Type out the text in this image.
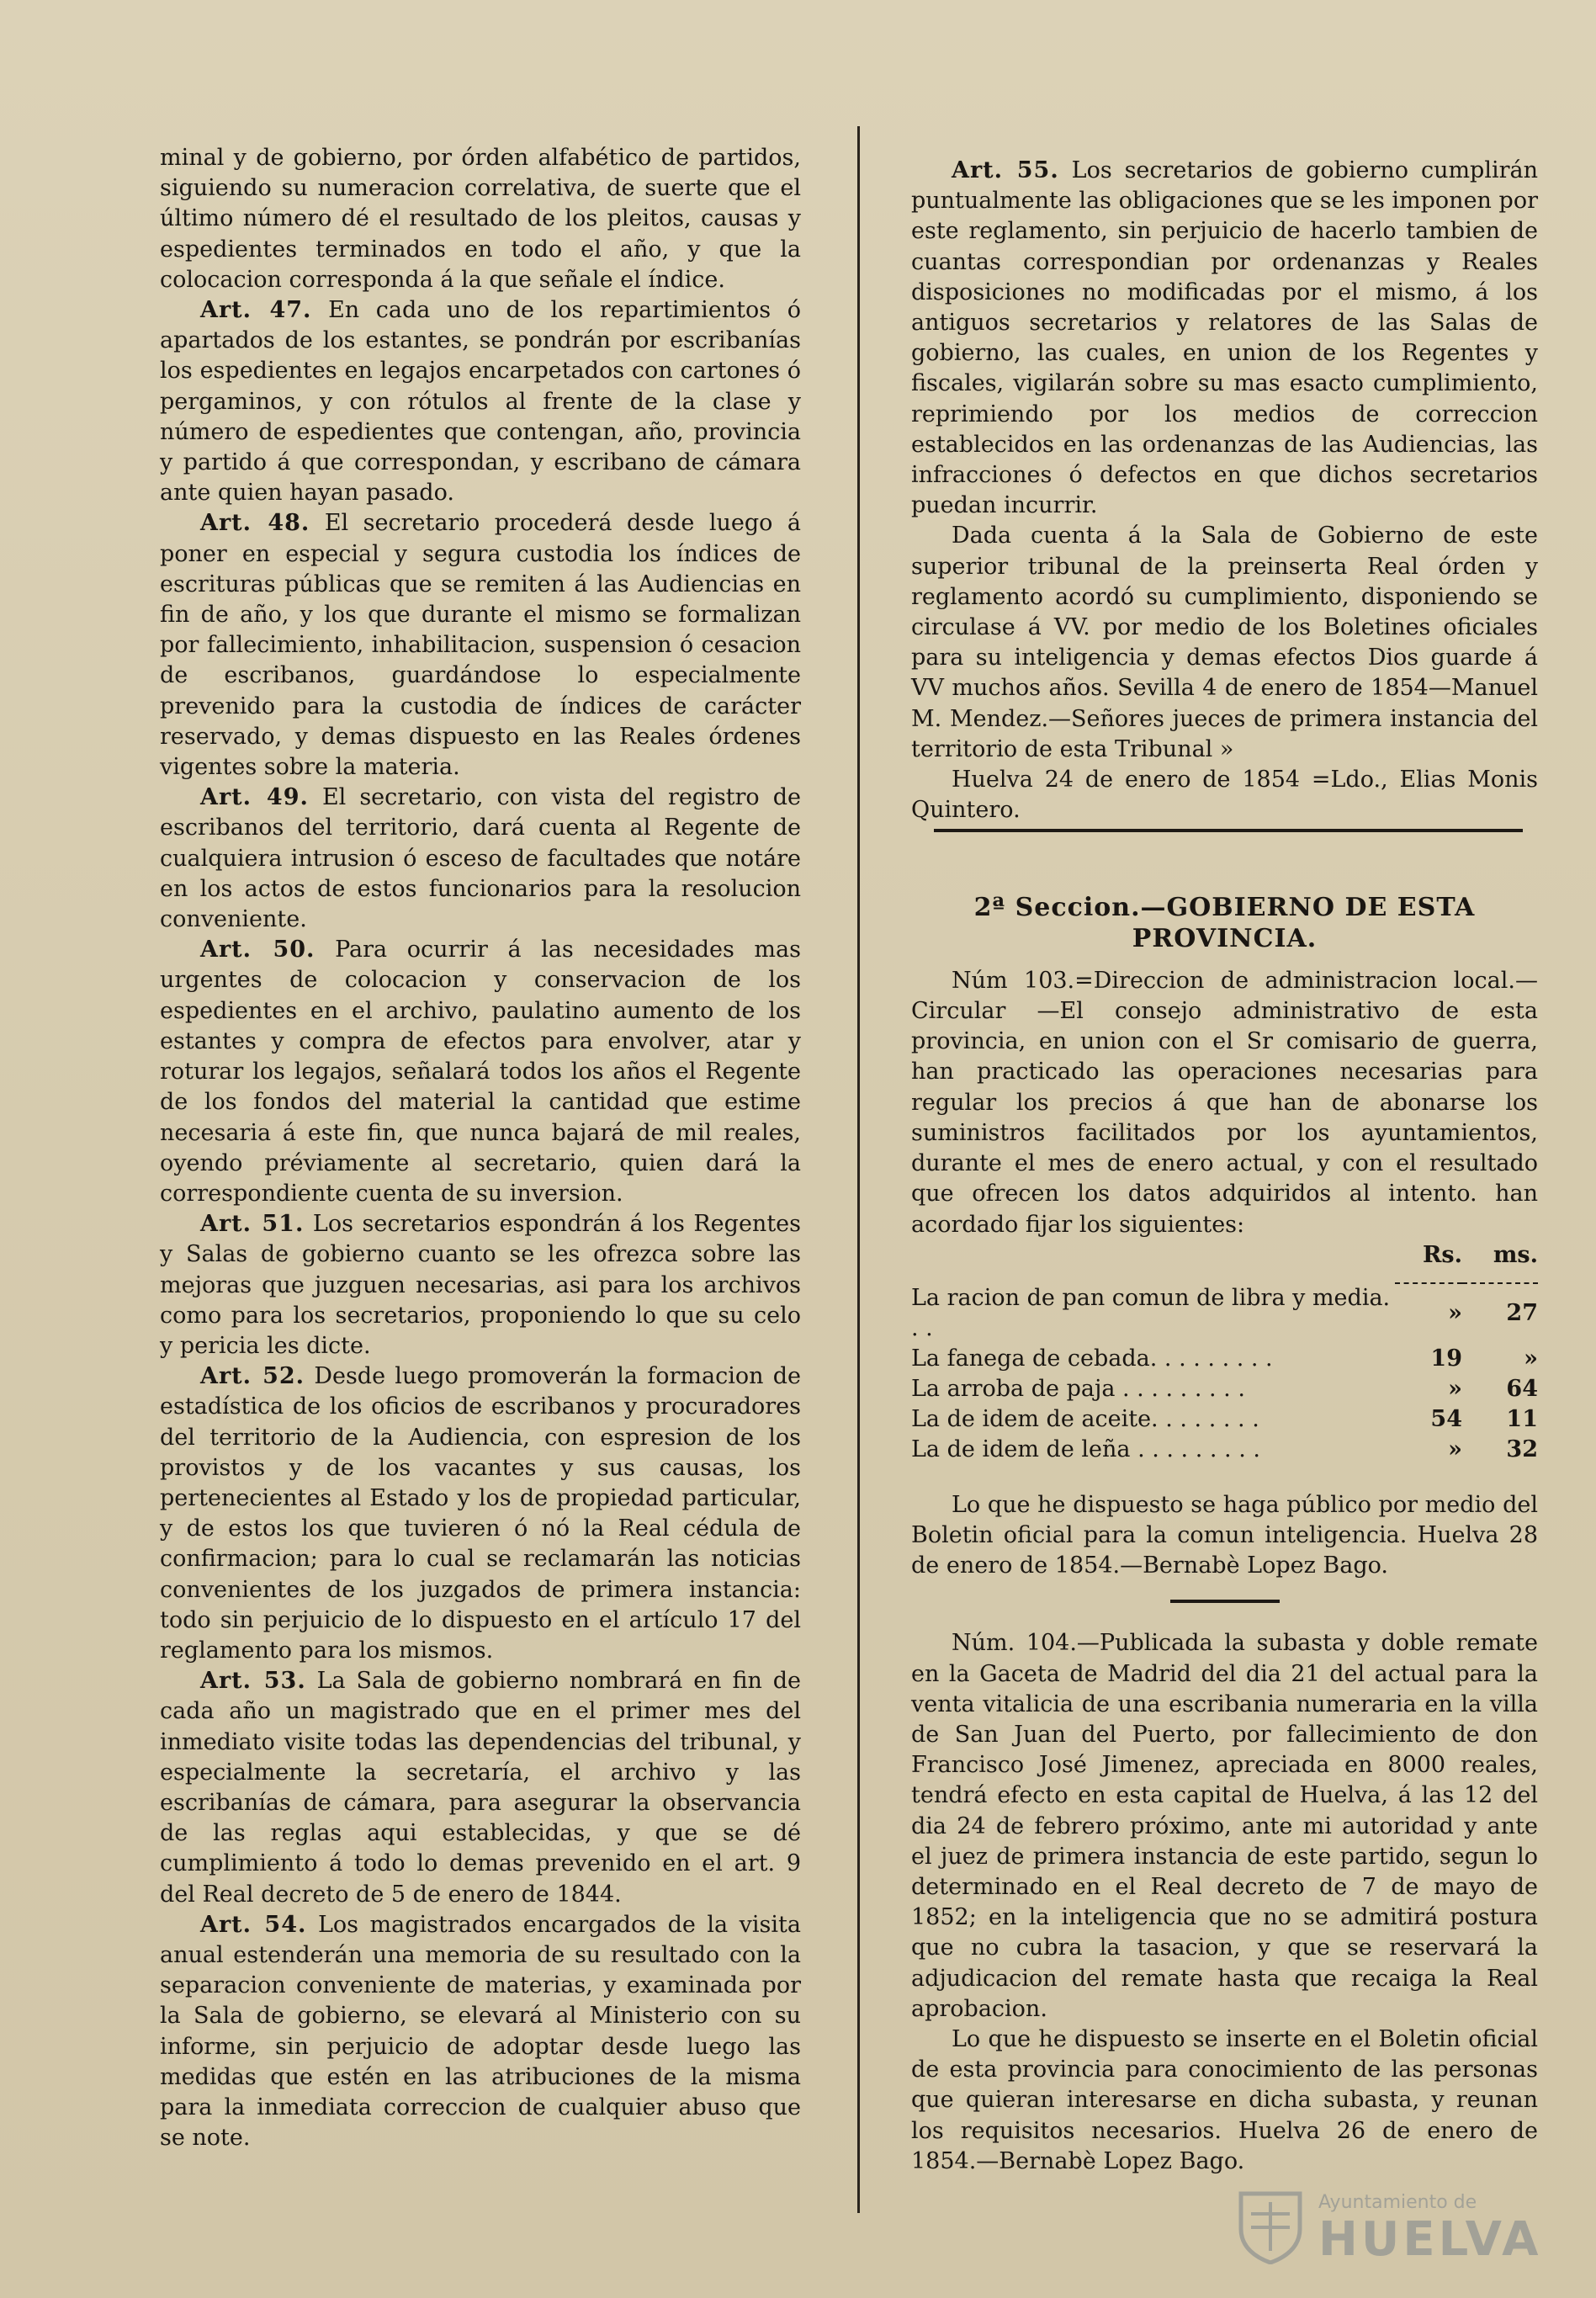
minal y de gobierno, por órden alfabético de partidos, siguiendo su numeracion correlativa, de suerte que el último número dé el resultado de los pleitos, causas y espedientes terminados en todo el año, y que la colocacion corresponda á la que señale el índice.

Art. 47. En cada uno de los repartimientos ó apartados de los estantes, se pondrán por escribanías los espedientes en legajos encarpetados con cartones ó pergaminos, y con rótulos al frente de la clase y número de espedientes que contengan, año, provincia y partido á que correspondan, y escribano de cámara ante quien hayan pasado.

Art. 48. El secretario procederá desde luego á poner en especial y segura custodia los índices de escrituras públicas que se remiten á las Audiencias en fin de año, y los que durante el mismo se formalizan por fallecimiento, inhabilitacion, suspension ó cesacion de escribanos, guardándose lo especialmente prevenido para la custodia de índices de carácter reservado, y demas dispuesto en las Reales órdenes vigentes sobre la materia.

Art. 49. El secretario, con vista del registro de escribanos del territorio, dará cuenta al Regente de cualquiera intrusion ó esceso de facultades que notáre en los actos de estos funcionarios para la resolucion conveniente.

Art. 50. Para ocurrir á las necesidades mas urgentes de colocacion y conservacion de los espedientes en el archivo, paulatino aumento de los estantes y compra de efectos para envolver, atar y roturar los legajos, señalará todos los años el Regente de los fondos del material la cantidad que estime necesaria á este fin, que nunca bajará de mil reales, oyendo préviamente al secretario, quien dará la correspondiente cuenta de su inversion.

Art. 51. Los secretarios espondrán á los Regentes y Salas de gobierno cuanto se les ofrezca sobre las mejoras que juzguen necesarias, asi para los archivos como para los secretarios, proponiendo lo que su celo y pericia les dicte.

Art. 52. Desde luego promoverán la formacion de estadística de los oficios de escribanos y procuradores del territorio de la Audiencia, con espresion de los provistos y de los vacantes y sus causas, los pertenecientes al Estado y los de propiedad particular, y de estos los que tuvieren ó nó la Real cédula de confirmacion; para lo cual se reclamarán las noticias convenientes de los juzgados de primera instancia: todo sin perjuicio de lo dispuesto en el artículo 17 del reglamento para los mismos.

Art. 53. La Sala de gobierno nombrará en fin de cada año un magistrado que en el primer mes del inmediato visite todas las dependencias del tribunal, y especialmente la secretaría, el archivo y las escribanías de cámara, para asegurar la observancia de las reglas aqui establecidas, y que se dé cumplimiento á todo lo demas prevenido en el art. 9 del Real decreto de 5 de enero de 1844.

Art. 54. Los magistrados encargados de la visita anual estenderán una memoria de su resultado con la separacion conveniente de materias, y examinada por la Sala de gobierno, se elevará al Ministerio con su informe, sin perjuicio de adoptar desde luego las medidas que estén en las atribuciones de la misma para la inmediata correccion de cualquier abuso que se note.

Art. 55. Los secretarios de gobierno cumplirán puntualmente las obligaciones que se les imponen por este reglamento, sin perjuicio de hacerlo tambien de cuantas correspondian por ordenanzas y Reales disposiciones no modificadas por el mismo, á los antiguos secretarios y relatores de las Salas de gobierno, las cuales, en union de los Regentes y fiscales, vigilarán sobre su mas esacto cumplimiento, reprimiendo por los medios de correccion establecidos en las ordenanzas de las Audiencias, las infracciones ó defectos en que dichos secretarios puedan incurrir.

Dada cuenta á la Sala de Gobierno de este superior tribunal de la preinserta Real órden y reglamento acordó su cumplimiento, disponiendo se circulase á VV. por medio de los Boletines oficiales para su inteligencia y demas efectos Dios guarde á VV muchos años. Sevilla 4 de enero de 1854—Manuel M. Mendez.—Señores jueces de primera instancia del territorio de esta Tribunal »

Huelva 24 de enero de 1854 =Ldo., Elias Monis Quintero.

2ª Seccion.—GOBIERNO DE ESTA PROVINCIA.

Núm 103.=Direccion de administracion local.—Circular —El consejo administrativo de esta provincia, en union con el Sr comisario de guerra, han practicado las operaciones necesarias para regular los precios á que han de abonarse los suministros facilitados por los ayuntamientos, durante el mes de enero actual, y con el resultado que ofrecen los datos adquiridos al intento. han acordado fijar los siguientes:

	Rs.	ms.

La racion de pan comun de libra y media. . .	»	27
La fanega de cebada. . . . . . . . .	19	»
La arroba de paja . . . . . . . . .	»	64
La de idem de aceite. . . . . . . .	54	11
La de idem de leña . . . . . . . . .	»	32

Lo que he dispuesto se haga público por medio del Boletin oficial para la comun inteligencia. Huelva 28 de enero de 1854.—Bernabè Lopez Bago.

Núm. 104.—Publicada la subasta y doble remate en la Gaceta de Madrid del dia 21 del actual para la venta vitalicia de una escribania numeraria en la villa de San Juan del Puerto, por fallecimiento de don Francisco José Jimenez, apreciada en 8000 reales, tendrá efecto en esta capital de Huelva, á las 12 del dia 24 de febrero próximo, ante mi autoridad y ante el juez de primera instancia de este partido, segun lo determinado en el Real decreto de 7 de mayo de 1852; en la inteligencia que no se admitirá postura que no cubra la tasacion, y que se reservará la adjudicacion del remate hasta que recaiga la Real aprobacion.

Lo que he dispuesto se inserte en el Boletin oficial de esta provincia para conocimiento de las personas que quieran interesarse en dicha subasta, y reunan los requisitos necesarios. Huelva 26 de enero de 1854.—Bernabè Lopez Bago.

Ayuntamiento de
HUELVA
